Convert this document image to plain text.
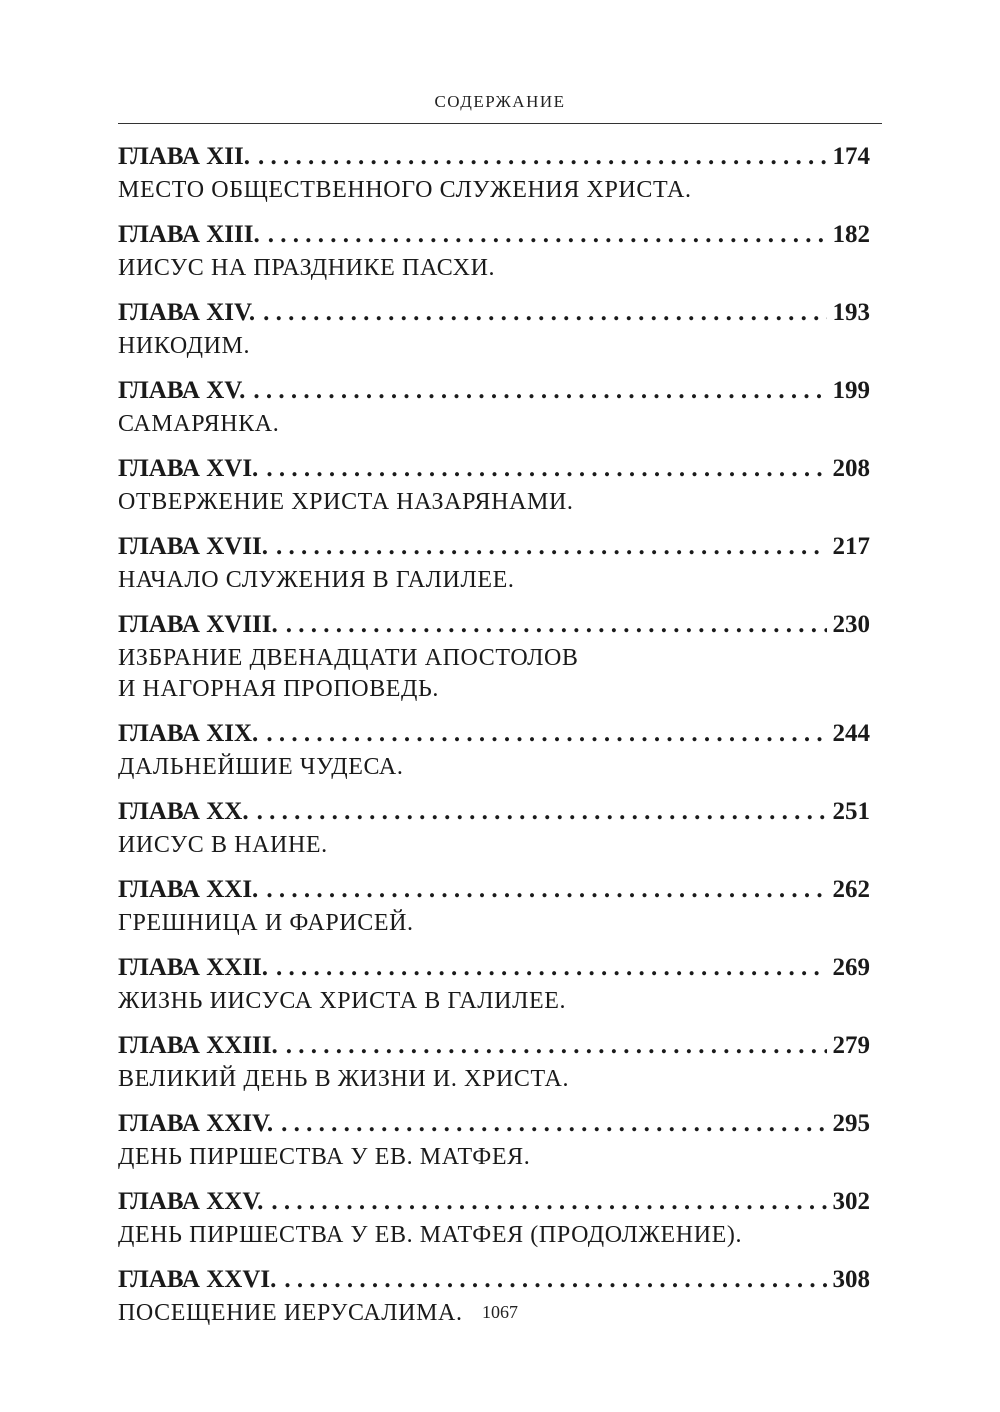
СОДЕРЖАНИЕ
ГЛАВА XII. . . .	174
МЕСТО ОБЩЕСТВЕННОГО СЛУЖЕНИЯ ХРИСТА.
ГЛАВА XIII. . . .	182
ИИСУС НА ПРАЗДНИКЕ ПАСХИ.
ГЛАВА XIV. . . .	193
НИКОДИМ.
ГЛАВА XV. . . .	199
САМАРЯНКА.
ГЛАВА XVI. . . .	208
ОТВЕРЖЕНИЕ ХРИСТА НАЗАРЯНАМИ.
ГЛАВА XVII. . . .	217
НАЧАЛО СЛУЖЕНИЯ В ГАЛИЛЕЕ.
ГЛАВА XVIII. . . .	230
ИЗБРАНИЕ ДВЕНАДЦАТИ АПОСТОЛОВ
И НАГОРНАЯ ПРОПОВЕДЬ.
ГЛАВА XIX. . . .	244
ДАЛЬНЕЙШИЕ ЧУДЕСА.
ГЛАВА XX. . . .	251
ИИСУС В НАИНЕ.
ГЛАВА XXI. . . .	262
ГРЕШНИЦА И ФАРИСЕЙ.
ГЛАВА XXII. . . .	269
ЖИЗНЬ ИИСУСА ХРИСТА В ГАЛИЛЕЕ.
ГЛАВА XXIII. . . .	279
ВЕЛИКИЙ ДЕНЬ В ЖИЗНИ И. ХРИСТА.
ГЛАВА XXIV. . . .	295
ДЕНЬ ПИРШЕСТВА У ЕВ. МАТФЕЯ.
ГЛАВА XXV. . . .	302
ДЕНЬ ПИРШЕСТВА У ЕВ. МАТФЕЯ (ПРОДОЛЖЕНИЕ).
ГЛАВА XXVI. . . .	308
ПОСЕЩЕНИЕ ИЕРУСАЛИМА.	1067
